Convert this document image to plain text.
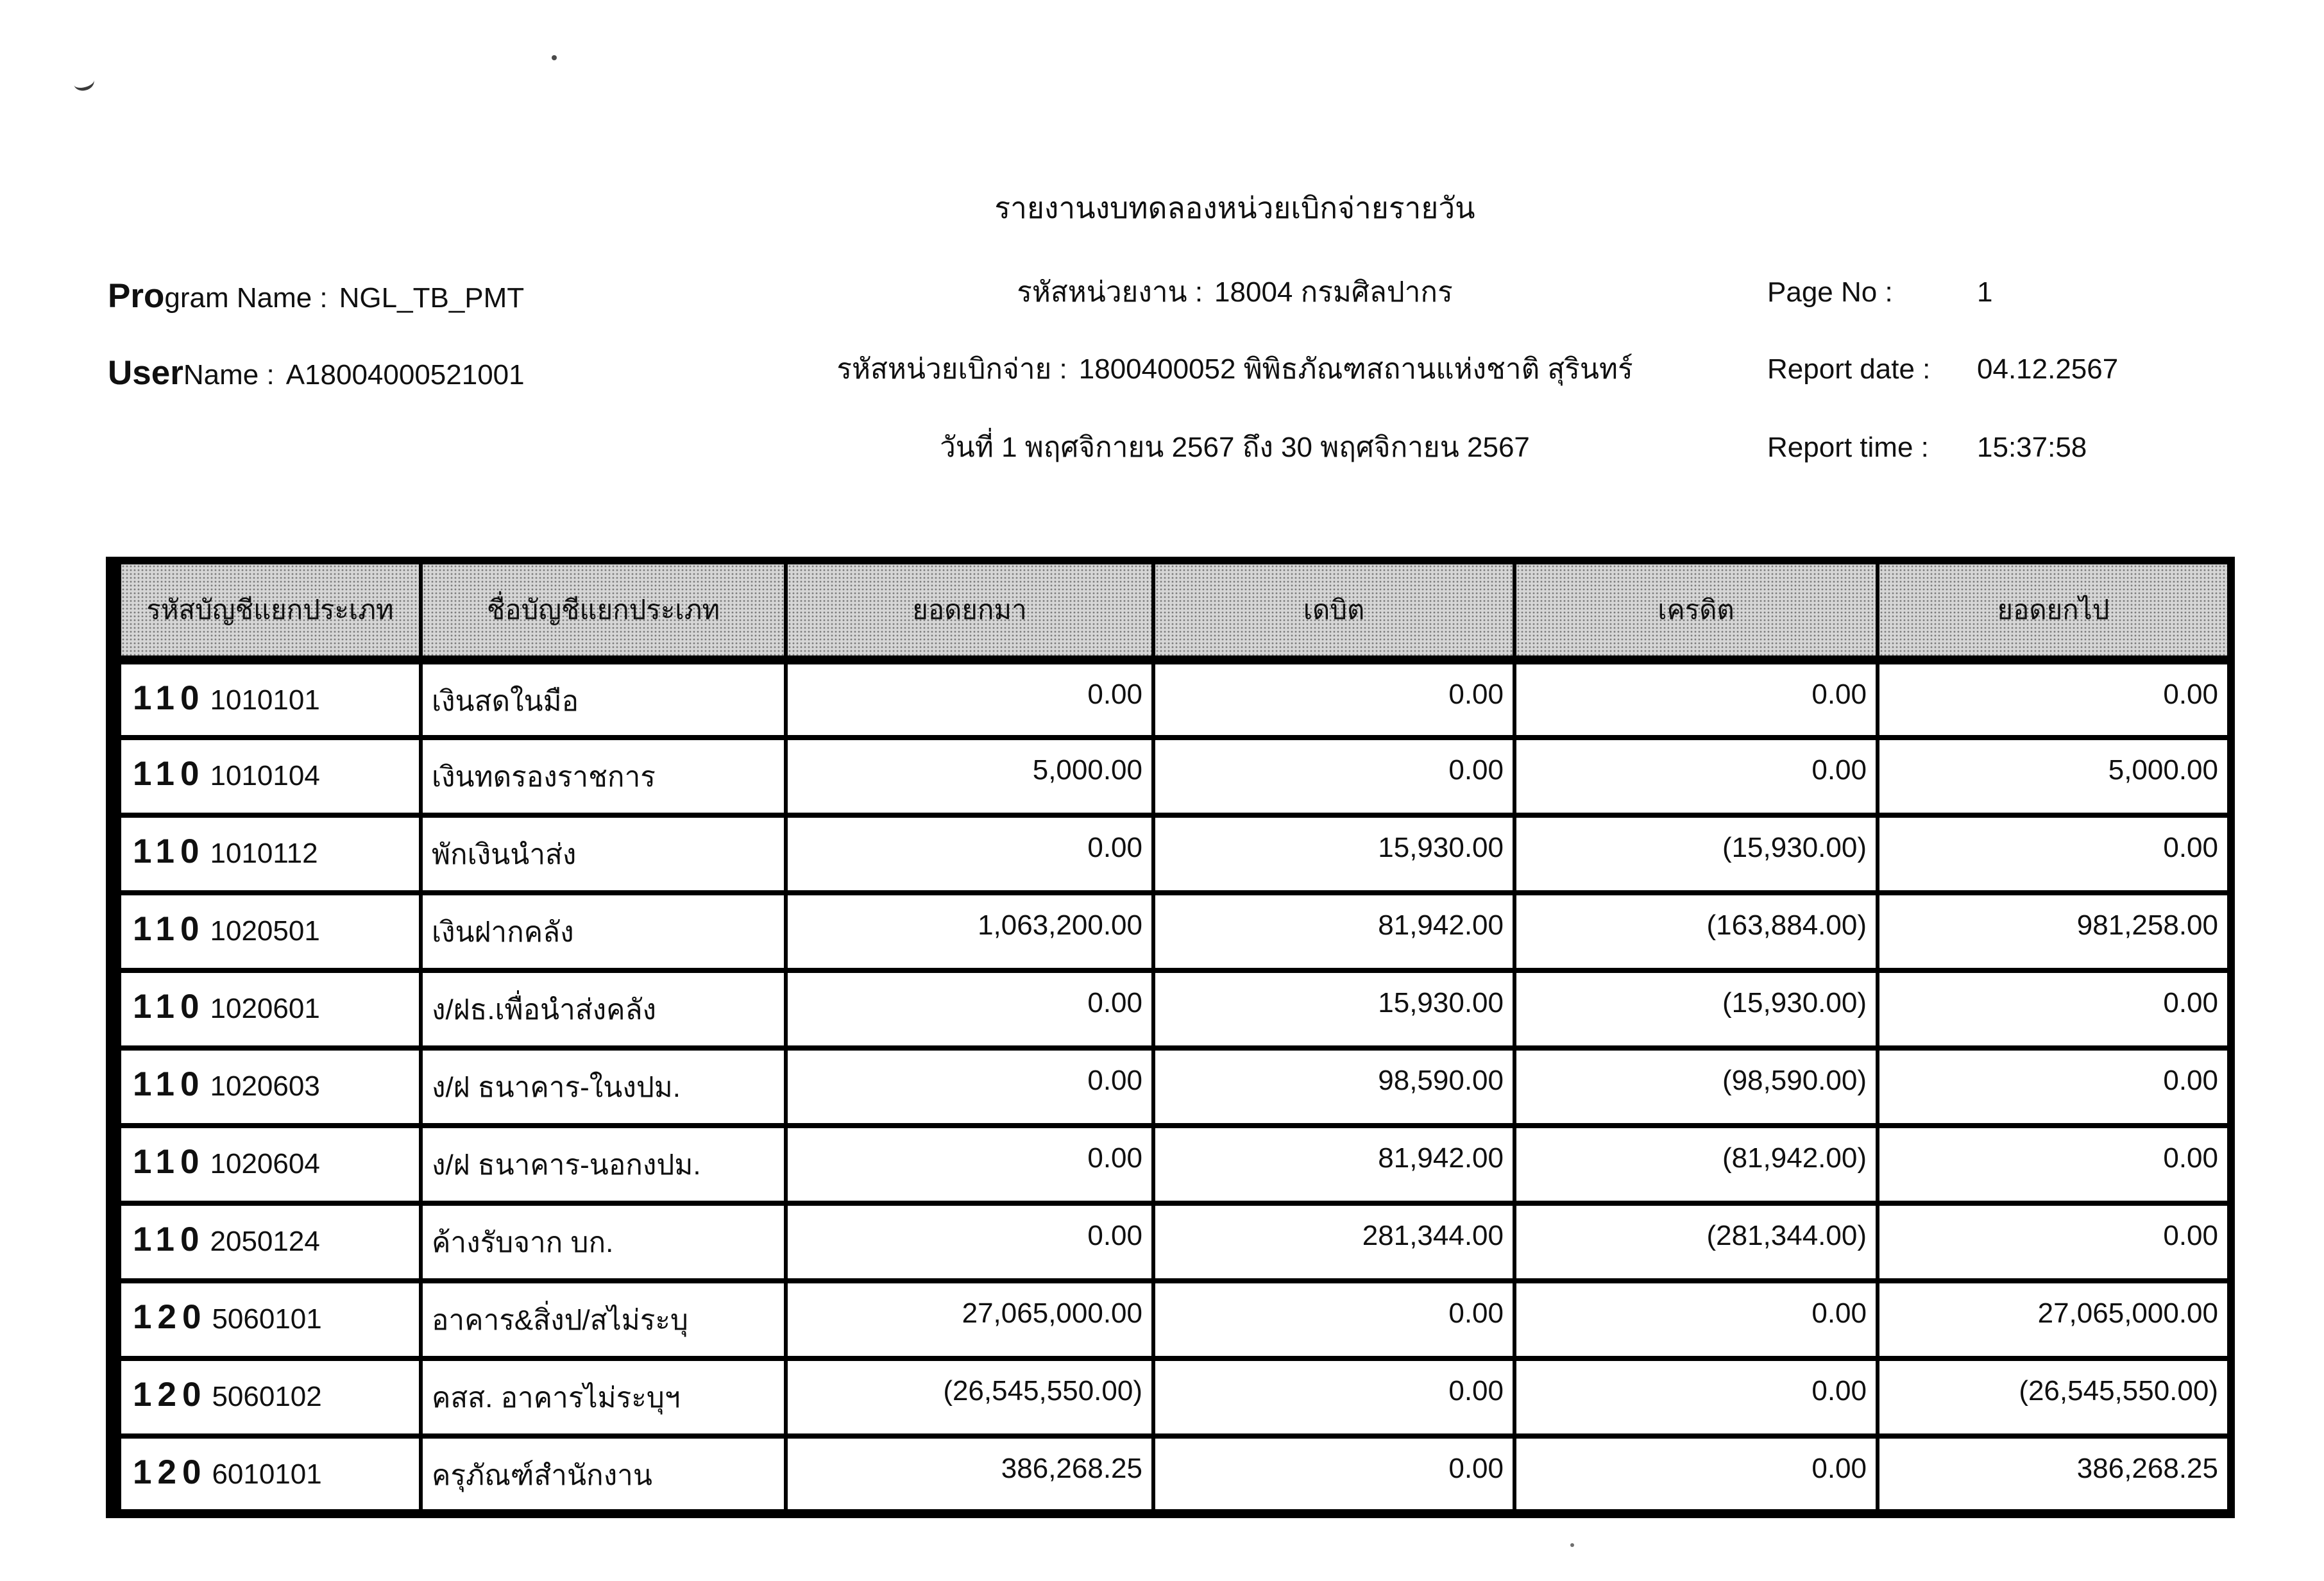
รายงานงบทดลองหน่วยเบิกจ่ายรายวัน
Program Name : NGL_TB_PMT	รหัสหน่วยงาน : 18004 กรมศิลปากร	Page No :	1
UserName : A18004000521001	รหัสหน่วยเบิกจ่าย : 1800400052 พิพิธภัณฑสถานแห่งชาติ สุรินทร์	Report date : 04.12.2567
วันที่ 1 พฤศจิกายน 2567 ถึง 30 พฤศจิกายน 2567	Report time : 15:37:58
รหัสบัญชีแยกประเภท	ชื่อบัญชีแยกประเภท	ยอดยกมา	เดบิต	เครดิต	ยอดยกไป
110 1010101	เงินสดในมือ	0.00	0.00	0.00	0.00
110 1010104	เงินทดรองราชการ	5,000.00	0.00	0.00	5,000.00
110 1010112	พักเงินนำส่ง	0.00	15,930.00	(15,930.00)	0.00
110 1020501	เงินฝากคลัง	1,063,200.00	81,942.00	(163,884.00)	981,258.00
110 1020601	ง/ฝธ.เพื่อนำส่งคลัง	0.00	15,930.00	(15,930.00)	0.00
110 1020603	ง/ฝ ธนาคาร-ในงปม.	0.00	98,590.00	(98,590.00)	0.00
110 1020604	ง/ฝ ธนาคาร-นอกงปม.	0.00	81,942.00	(81,942.00)	0.00
110 2050124	ค้างรับจาก บก.	0.00	281,344.00	(281,344.00)	0.00
120 5060101	อาคาร&สิ่งป/สไม่ระบุ	27,065,000.00	0.00	0.00	27,065,000.00
120 5060102	คสส. อาคารไม่ระบุฯ	(26,545,550.00)	0.00	0.00	(26,545,550.00)
120 6010101	ครุภัณฑ์สำนักงาน	386,268.25	0.00	0.00	386,268.25
